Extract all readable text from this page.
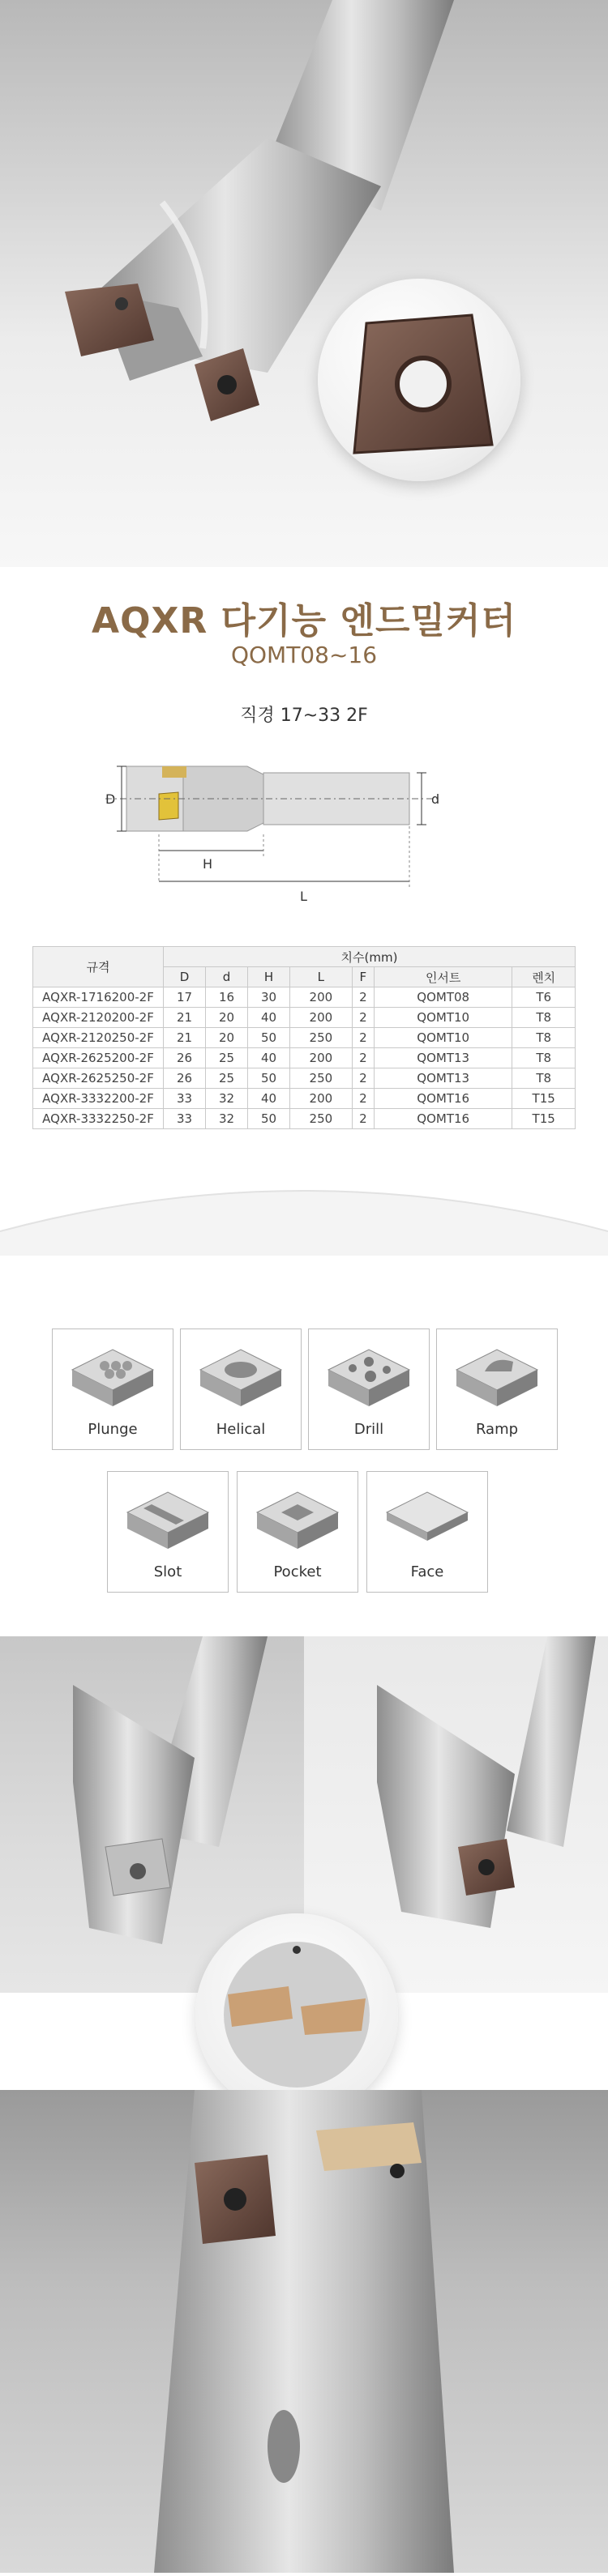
AQXR 다기능 엔드밀커터
QOMT08~16
직경 17~33 2F
D	d
H
L
규격	치수(mm)						
	D	d	H	L	F	인서트	렌치
AQXR-1716200-2F	17	16	30	200	2	QOMT08	T6
AQXR-2120200-2F	21	20	40	200	2	QOMT10	T8
AQXR-2120250-2F	21	20	50	250	2	QOMT10	T8
AQXR-2625200-2F	26	25	40	200	2	QOMT13	T8
AQXR-2625250-2F	26	25	50	250	2	QOMT13	T8
AQXR-3332200-2F	33	32	40	200	2	QOMT16	T15
AQXR-3332250-2F	33	32	50	250	2	QOMT16	T15
Plunge	Helical	Drill	Ramp
Slot	Pocket	Face
